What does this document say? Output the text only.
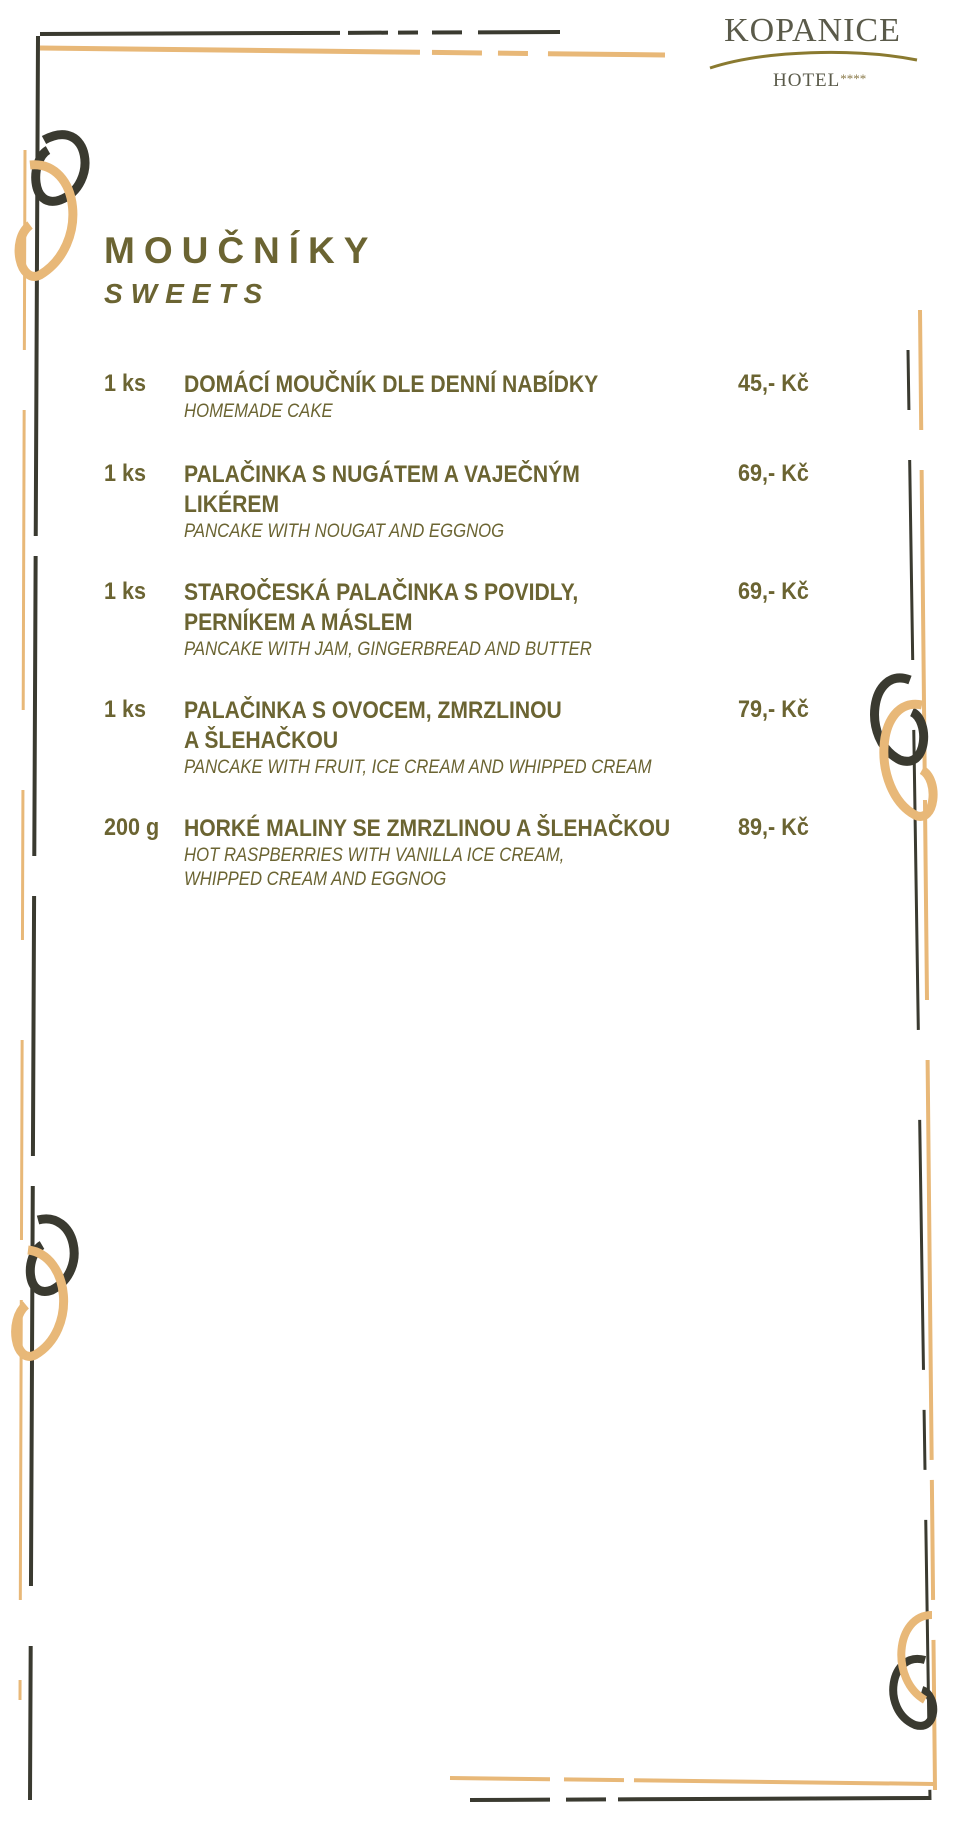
KOPANICE
HOTEL****
MOUČNÍKY
SWEETS
1 ks DOMÁCÍ MOUČNÍK DLE DENNÍ NABÍDKY
HOMEMADE CAKE
45,- Kč
1 ks PALAČINKA S NUGÁTEM A VAJEČNÝM
LIKÉREM
PANCAKE WITH NOUGAT AND EGGNOG
69,- Kč
1 ks STAROČESKÁ PALAČINKA S POVIDLY,
PERNÍKEM A MÁSLEM
PANCAKE WITH JAM, GINGERBREAD AND BUTTER
69,- Kč
1 ks PALAČINKA S OVOCEM, ZMRZLINOU
A ŠLEHAČKOU
PANCAKE WITH FRUIT, ICE CREAM AND WHIPPED CREAM
79,- Kč
200 g HORKÉ MALINY SE ZMRZLINOU A ŠLEHAČKOU
HOT RASPBERRIES WITH VANILLA ICE CREAM,
WHIPPED CREAM AND EGGNOG
89,- Kč
